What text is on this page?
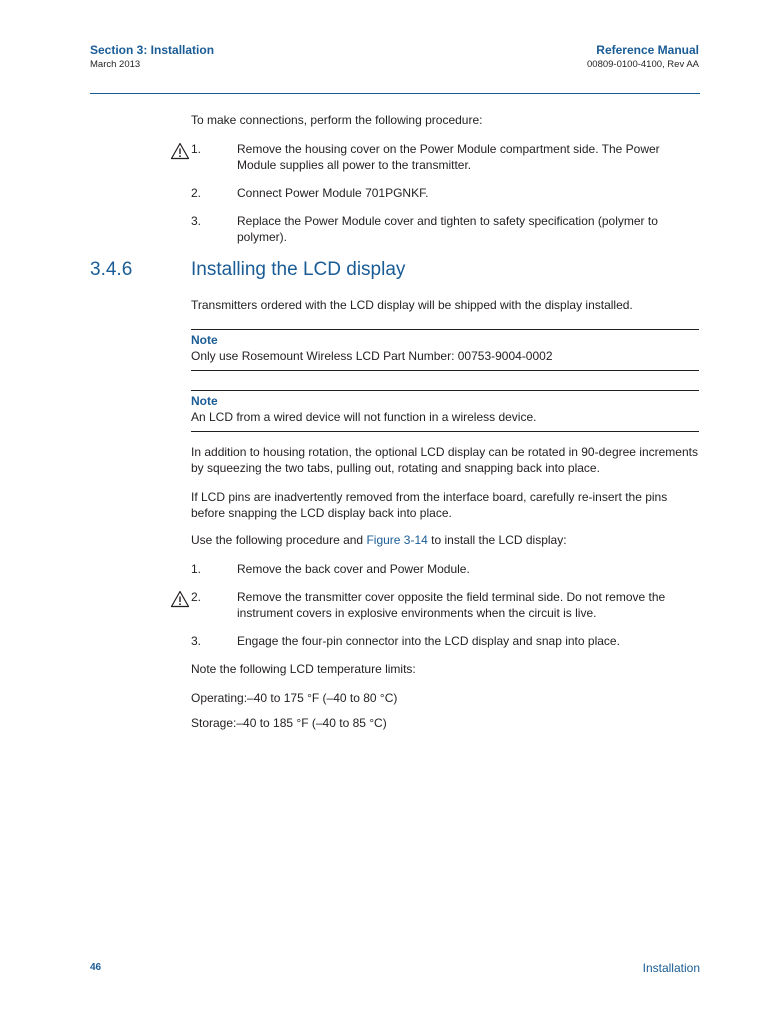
Section 3: Installation
March 2013
Reference Manual
00809-0100-4100, Rev AA
To make connections, perform the following procedure:
1.	Remove the housing cover on the Power Module compartment side. The Power Module supplies all power to the transmitter.
2.	Connect Power Module 701PGNKF.
3.	Replace the Power Module cover and tighten to safety specification (polymer to polymer).
3.4.6	Installing the LCD display
Transmitters ordered with the LCD display will be shipped with the display installed.
Note
Only use Rosemount Wireless LCD Part Number: 00753-9004-0002
Note
An LCD from a wired device will not function in a wireless device.
In addition to housing rotation, the optional LCD display can be rotated in 90-degree increments by squeezing the two tabs, pulling out, rotating and snapping back into place.
If LCD pins are inadvertently removed from the interface board, carefully re-insert the pins before snapping the LCD display back into place.
Use the following procedure and Figure 3-14 to install the LCD display:
1.	Remove the back cover and Power Module.
2.	Remove the transmitter cover opposite the field terminal side. Do not remove the instrument covers in explosive environments when the circuit is live.
3.	Engage the four-pin connector into the LCD display and snap into place.
Note the following LCD temperature limits:
Operating:–40 to 175 °F (–40 to 80 °C)
Storage:–40 to 185 °F (–40 to 85 °C)
46	Installation
